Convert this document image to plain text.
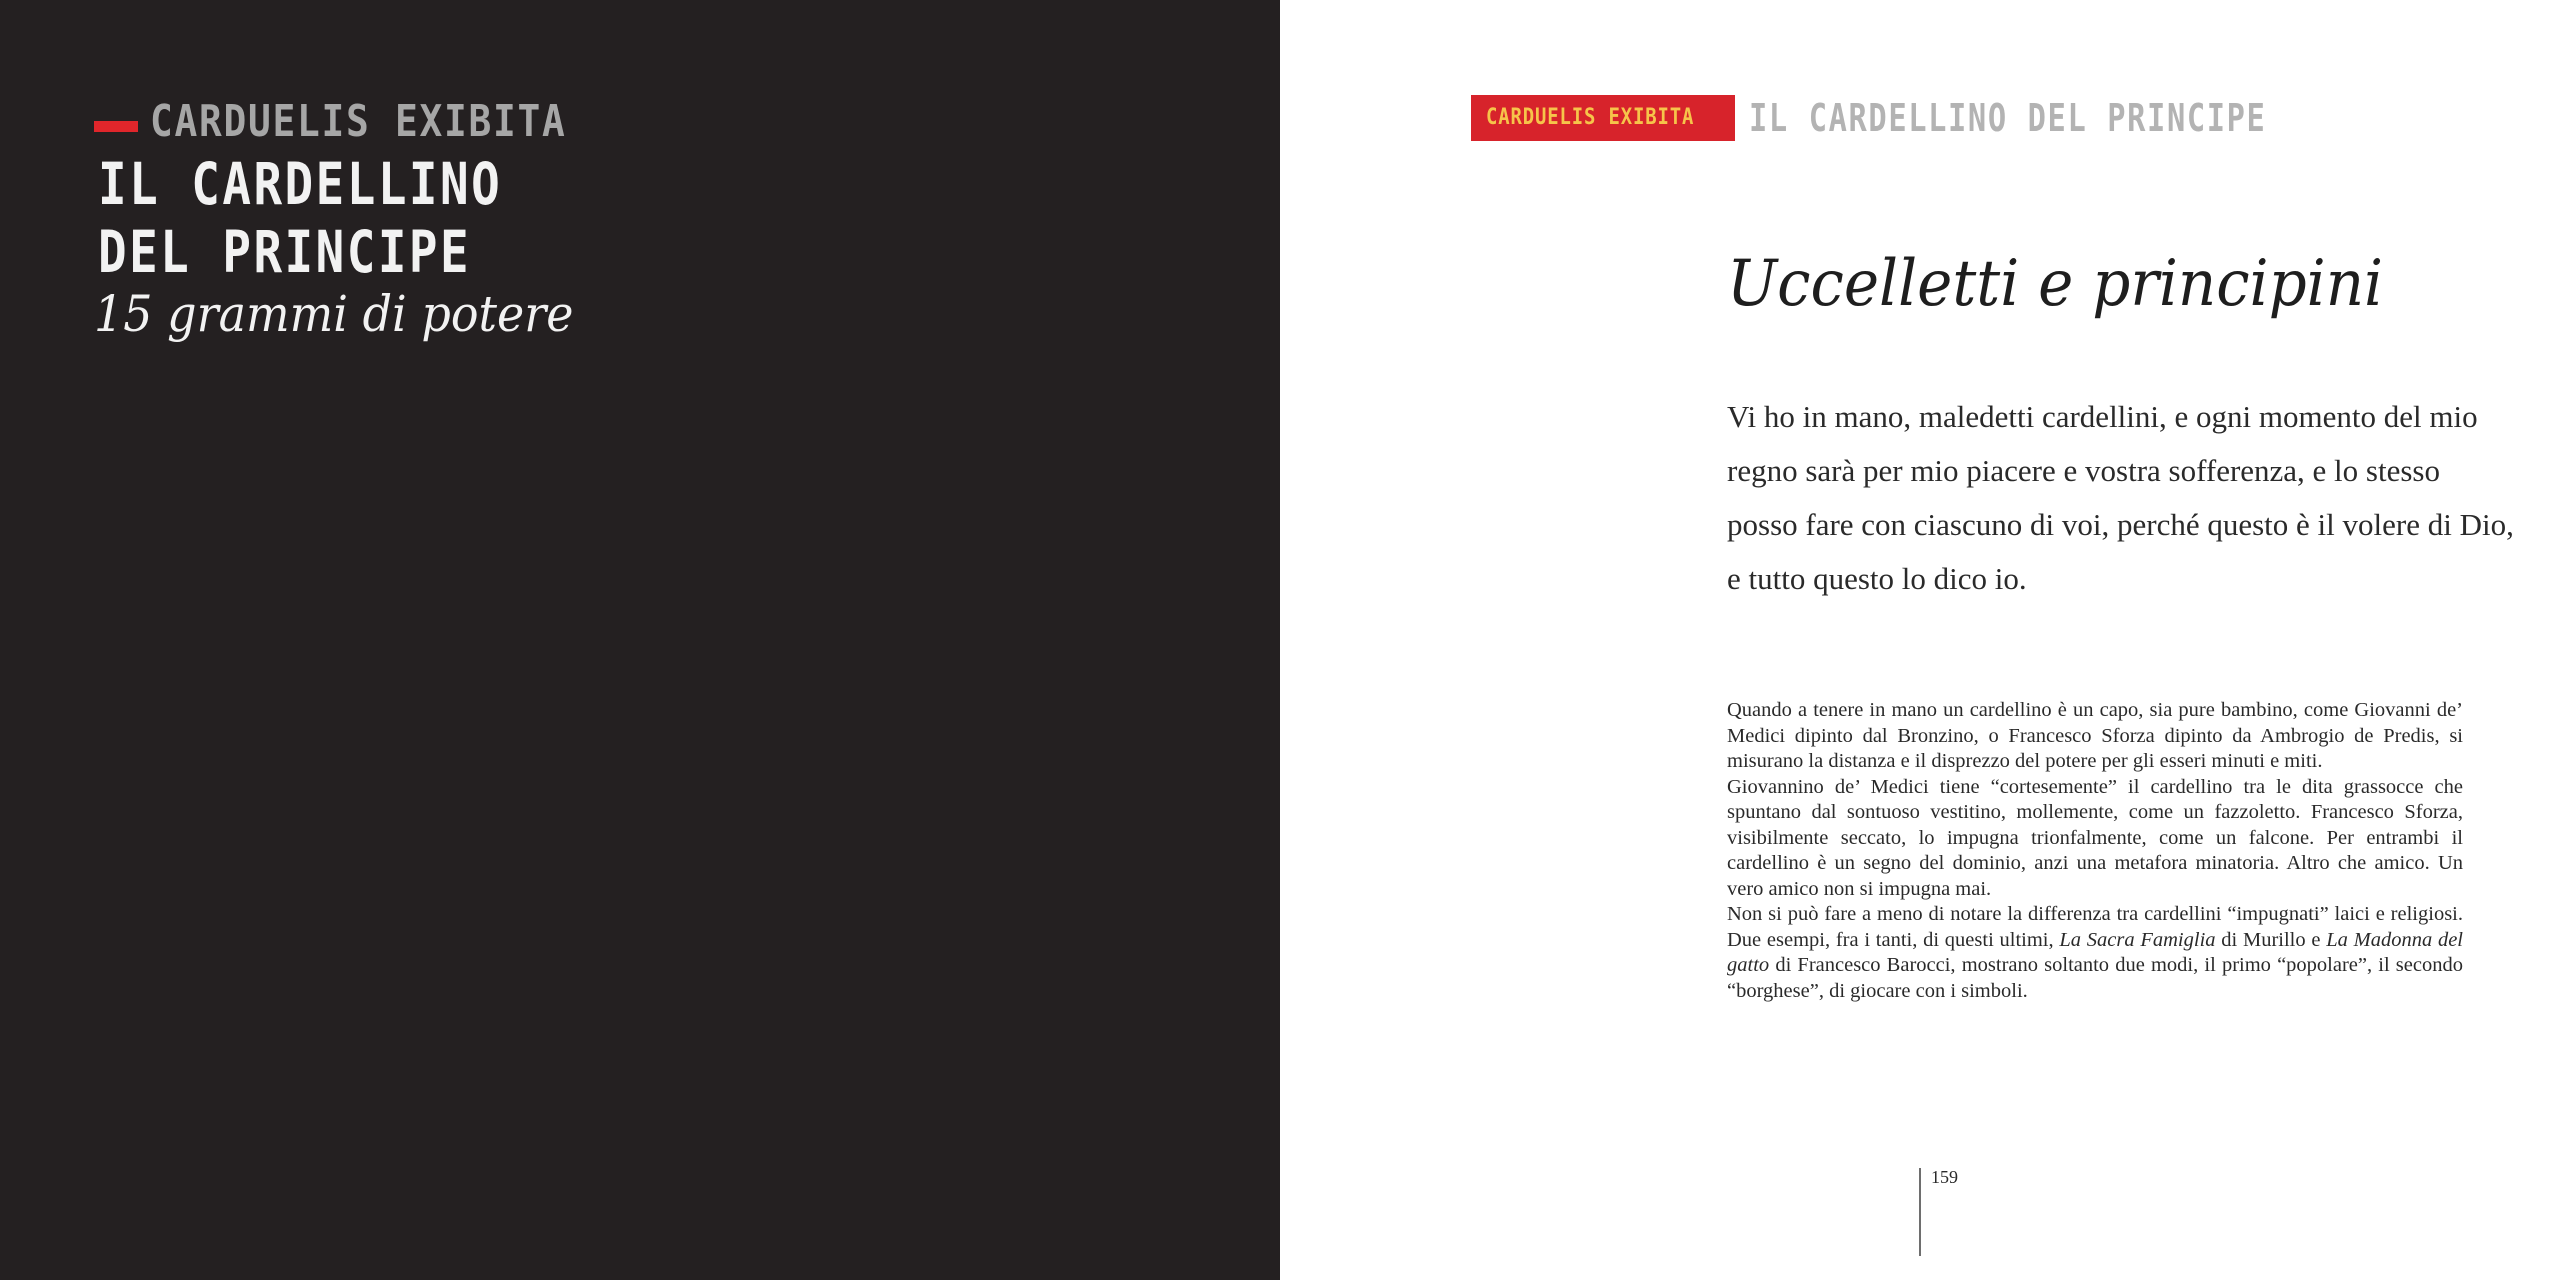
CARDUELIS EXIBITA
IL CARDELLINO
DEL PRINCIPE
15 grammi di potere
CARDUELIS EXIBITA IL CARDELLINO DEL PRINCIPE
Uccelletti e principini

Vi ho in mano, maledetti cardellini, e ogni momento del mio regno sarà per mio piacere e vostra sofferenza, e lo stesso posso fare con ciascuno di voi, perché questo è il volere di Dio, e tutto questo lo dico io.

Quando a tenere in mano un cardellino è un capo, sia pure bambino, come Giovanni de’ Medici dipinto dal Bronzino, o Francesco Sforza dipinto da Ambrogio de Predis, si misurano la distanza e il disprezzo del potere per gli esseri minuti e miti.

Giovannino de’ Medici tiene “cortesemente” il cardellino tra le dita grassocce che spuntano dal sontuoso vestitino, mollemente, come un fazzoletto. Francesco Sforza, visibilmente seccato, lo impugna trionfalmente, come un falcone. Per entrambi il cardellino è un segno del dominio, anzi una metafora minatoria. Altro che amico. Un vero amico non si impugna mai.

Non si può fare a meno di notare la differenza tra cardellini “impugnati” laici e religiosi. Due esempi, fra i tanti, di questi ultimi, La Sacra Famiglia di Murillo e La Madonna del gatto di Francesco Barocci, mostrano soltanto due modi, il primo “popolare”, il secondo “borghese”, di giocare con i simboli.

159
